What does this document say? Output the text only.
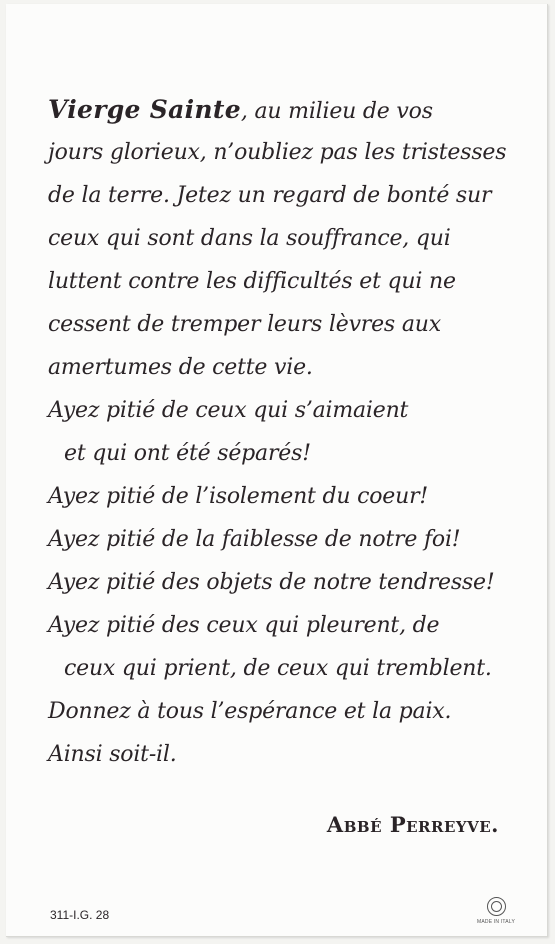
Vierge Sainte, au milieu de vos
jours glorieux, n’oubliez pas les tristesses
de la terre. Jetez un regard de bonté sur
ceux qui sont dans la souffrance, qui
luttent contre les difficultés et qui ne
cessent de tremper leurs lèvres aux
amertumes de cette vie.
Ayez pitié de ceux qui s’aimaient
et qui ont été séparés!
Ayez pitié de l’isolement du coeur!
Ayez pitié de la faiblesse de notre foi!
Ayez pitié des objets de notre tendresse!
Ayez pitié des ceux qui pleurent, de
ceux qui prient, de ceux qui tremblent.
Donnez à tous l’espérance et la paix.
Ainsi soit-il.
Abbé Perreyve.
311-I.G. 28	MADE IN ITALY
